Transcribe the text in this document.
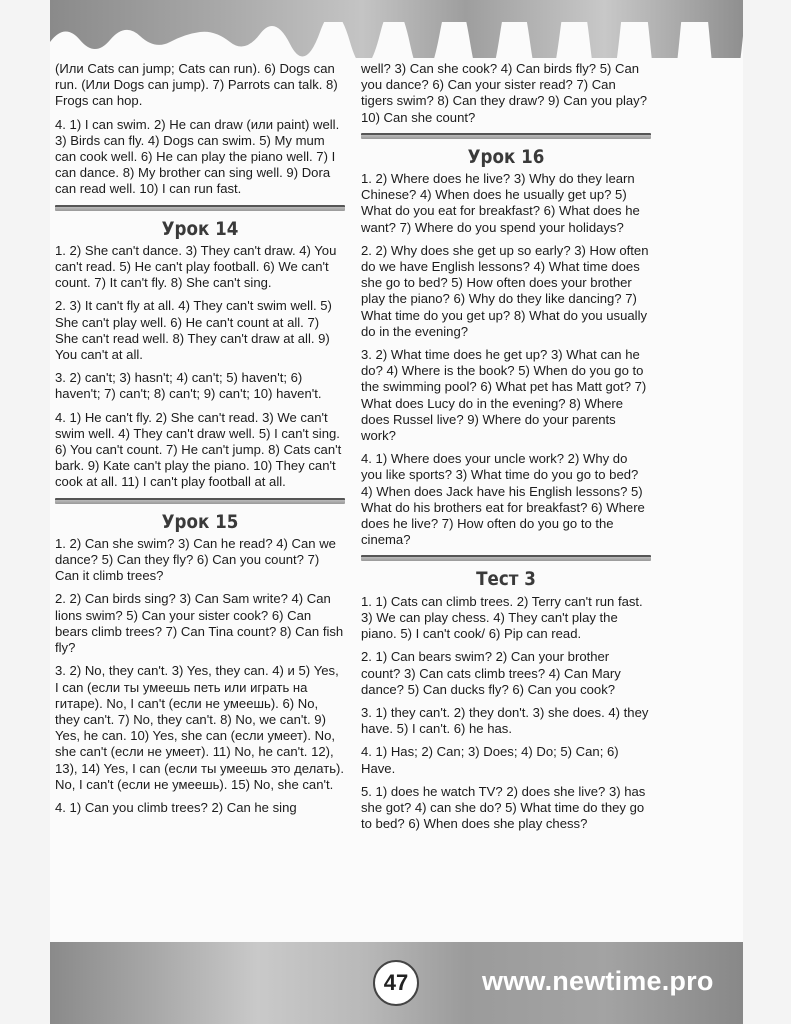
47	www.newtime.pro

(Или Cats can jump; Cats can run). 6) Dogs can run. (Или Dogs can jump). 7) Parrots can talk. 8) Frogs can hop.

4. 1) I can swim. 2) He can draw (или paint) well. 3) Birds can fly. 4) Dogs can swim. 5) My mum can cook well. 6) He can play the piano well. 7) I can dance. 8) My brother can sing well. 9) Dora can read well. 10) I can run fast.

Урок 14

1. 2) She can't dance. 3) They can't draw. 4) You can't read. 5) He can't play football. 6) We can't count. 7) It can't fly. 8) She can't sing.

2. 3) It can't fly at all. 4) They can't swim well. 5) She can't play well. 6) He can't count at all. 7) She can't read well. 8) They can't draw at all. 9) You can't at all.

3. 2) can't; 3) hasn't; 4) can't; 5) haven't; 6) haven't; 7) can't; 8) can't; 9) can't; 10) haven't.

4. 1) He can't fly. 2) She can't read. 3) We can't swim well. 4) They can't draw well. 5) I can't sing. 6) You can't count. 7) He can't jump. 8) Cats can't bark. 9) Kate can't play the piano. 10) They can't cook at all. 11) I can't play football at all.

Урок 15

1. 2) Can she swim? 3) Can he read? 4) Can we dance? 5) Can they fly? 6) Can you count? 7) Can it climb trees?

2. 2) Can birds sing? 3) Can Sam write? 4) Can lions swim? 5) Can your sister cook? 6) Can bears climb trees? 7) Can Tina count? 8) Can fish fly?

3. 2) No, they can't. 3) Yes, they can. 4) и 5) Yes, I can (если ты умеешь петь или играть на гитаре). No, I can't (если не умеешь). 6) No, they can't. 7) No, they can't. 8) No, we can't. 9) Yes, he can. 10) Yes, she can (если умеет). No, she can't (если не умеет). 11) No, he can't. 12), 13), 14) Yes, I can (если ты умеешь это делать). No, I can't (если не умеешь). 15) No, she can't.

4. 1) Can you climb trees? 2) Can he sing

well? 3) Can she cook? 4) Can birds fly? 5) Can you dance? 6) Can your sister read? 7) Can tigers swim? 8) Can they draw? 9) Can you play? 10) Can she count?

Урок 16

1. 2) Where does he live? 3) Why do they learn Chinese? 4) When does he usually get up? 5) What do you eat for breakfast? 6) What does he want? 7) Where do you spend your holidays?

2. 2) Why does she get up so early? 3) How often do we have English lessons? 4) What time does she go to bed? 5) How often does your brother play the piano? 6) Why do they like dancing? 7) What time do you get up? 8) What do you usually do in the evening?

3. 2) What time does he get up? 3) What can he do? 4) Where is the book? 5) When do you go to the swimming pool? 6) What pet has Matt got? 7) What does Lucy do in the evening? 8) Where does Russel live? 9) Where do your parents work?

4. 1) Where does your uncle work? 2) Why do you like sports? 3) What time do you go to bed? 4) When does Jack have his English lessons? 5) What do his brothers eat for breakfast? 6) Where does he live? 7) How often do you go to the cinema?

Тест 3

1. 1) Cats can climb trees. 2) Terry can't run fast. 3) We can play chess. 4) They can't play the piano. 5) I can't cook/ 6) Pip can read.

2. 1) Can bears swim? 2) Can your brother count? 3) Can cats climb trees? 4) Can Mary dance? 5) Can ducks fly? 6) Can you cook?

3. 1) they can't. 2) they don't. 3) she does. 4) they have. 5) I can't. 6) he has.

4. 1) Has; 2) Can; 3) Does; 4) Do; 5) Can; 6) Have.

5. 1) does he watch TV? 2) does she live? 3) has she got? 4) can she do? 5) What time do they go to bed? 6) When does she play chess?
